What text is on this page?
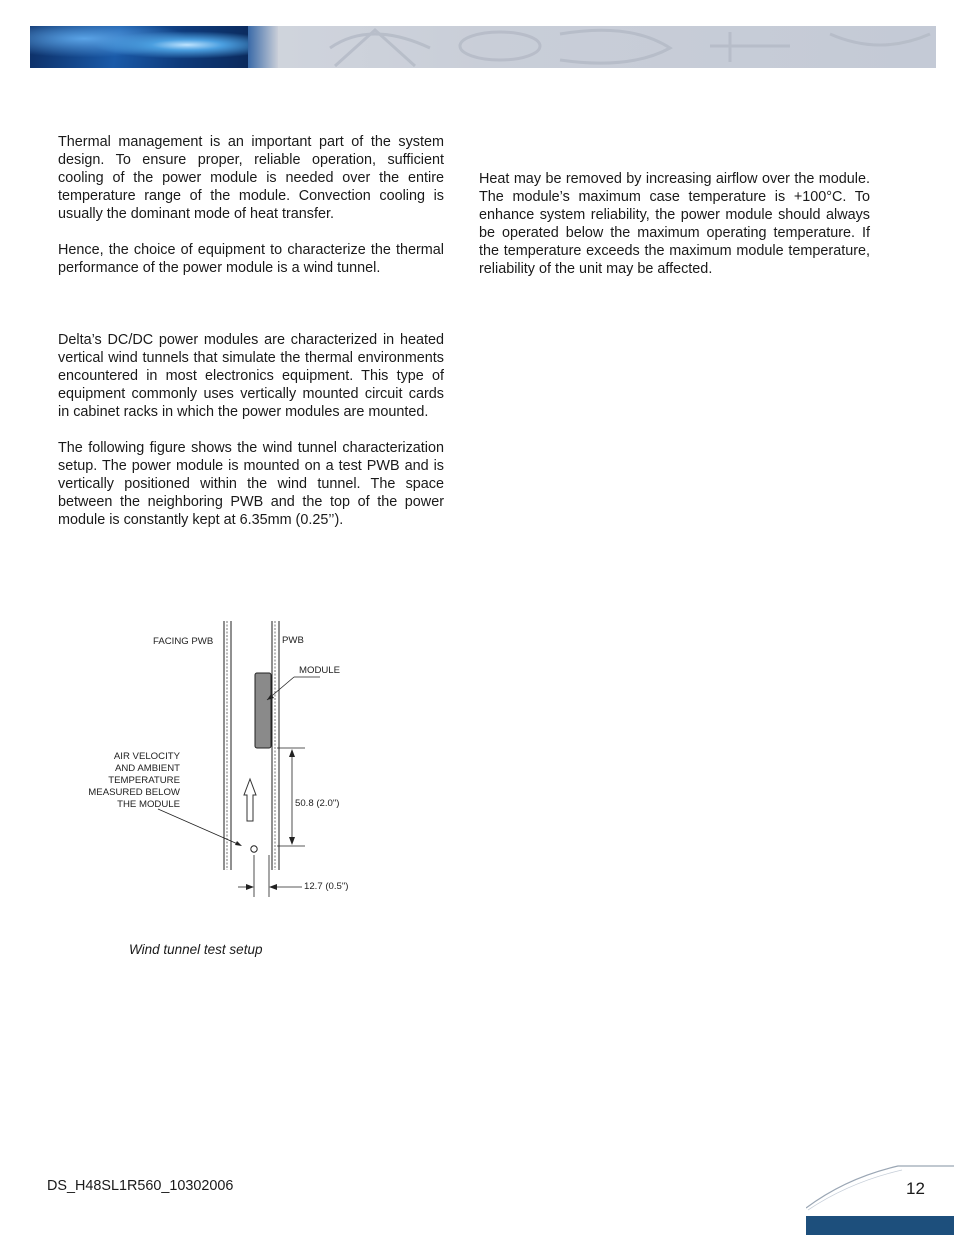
Thermal management is an important part of the system design. To ensure proper, reliable operation, sufficient cooling of the power module is needed over the entire temperature range of the module. Convection cooling is usually the dominant mode of heat transfer.

Hence, the choice of equipment to characterize the thermal performance of the power module is a wind tunnel.

Delta’s DC/DC power modules are characterized in heated vertical wind tunnels that simulate the thermal environments encountered in most electronics equipment. This type of equipment commonly uses vertically mounted circuit cards in cabinet racks in which the power modules are mounted.

The following figure shows the wind tunnel characterization setup. The power module is mounted on a test PWB and is vertically positioned within the wind tunnel. The space between the neighboring PWB and the top of the power module is constantly kept at 6.35mm (0.25’’).

Heat may be removed by increasing airflow over the module. The module’s maximum case temperature is +100°C. To enhance system reliability, the power module should always be operated below the maximum operating temperature. If the temperature exceeds the maximum module temperature, reliability of the unit may be affected.

FACING PWB	PWB
MODULE
AIR VELOCITY
AND AMBIENT
TEMPERATURE
MEASURED BELOW
THE MODULE	50.8 (2.0")
12.7 (0.5")
Wind tunnel test setup
DS_H48SL1R560_10302006	12
